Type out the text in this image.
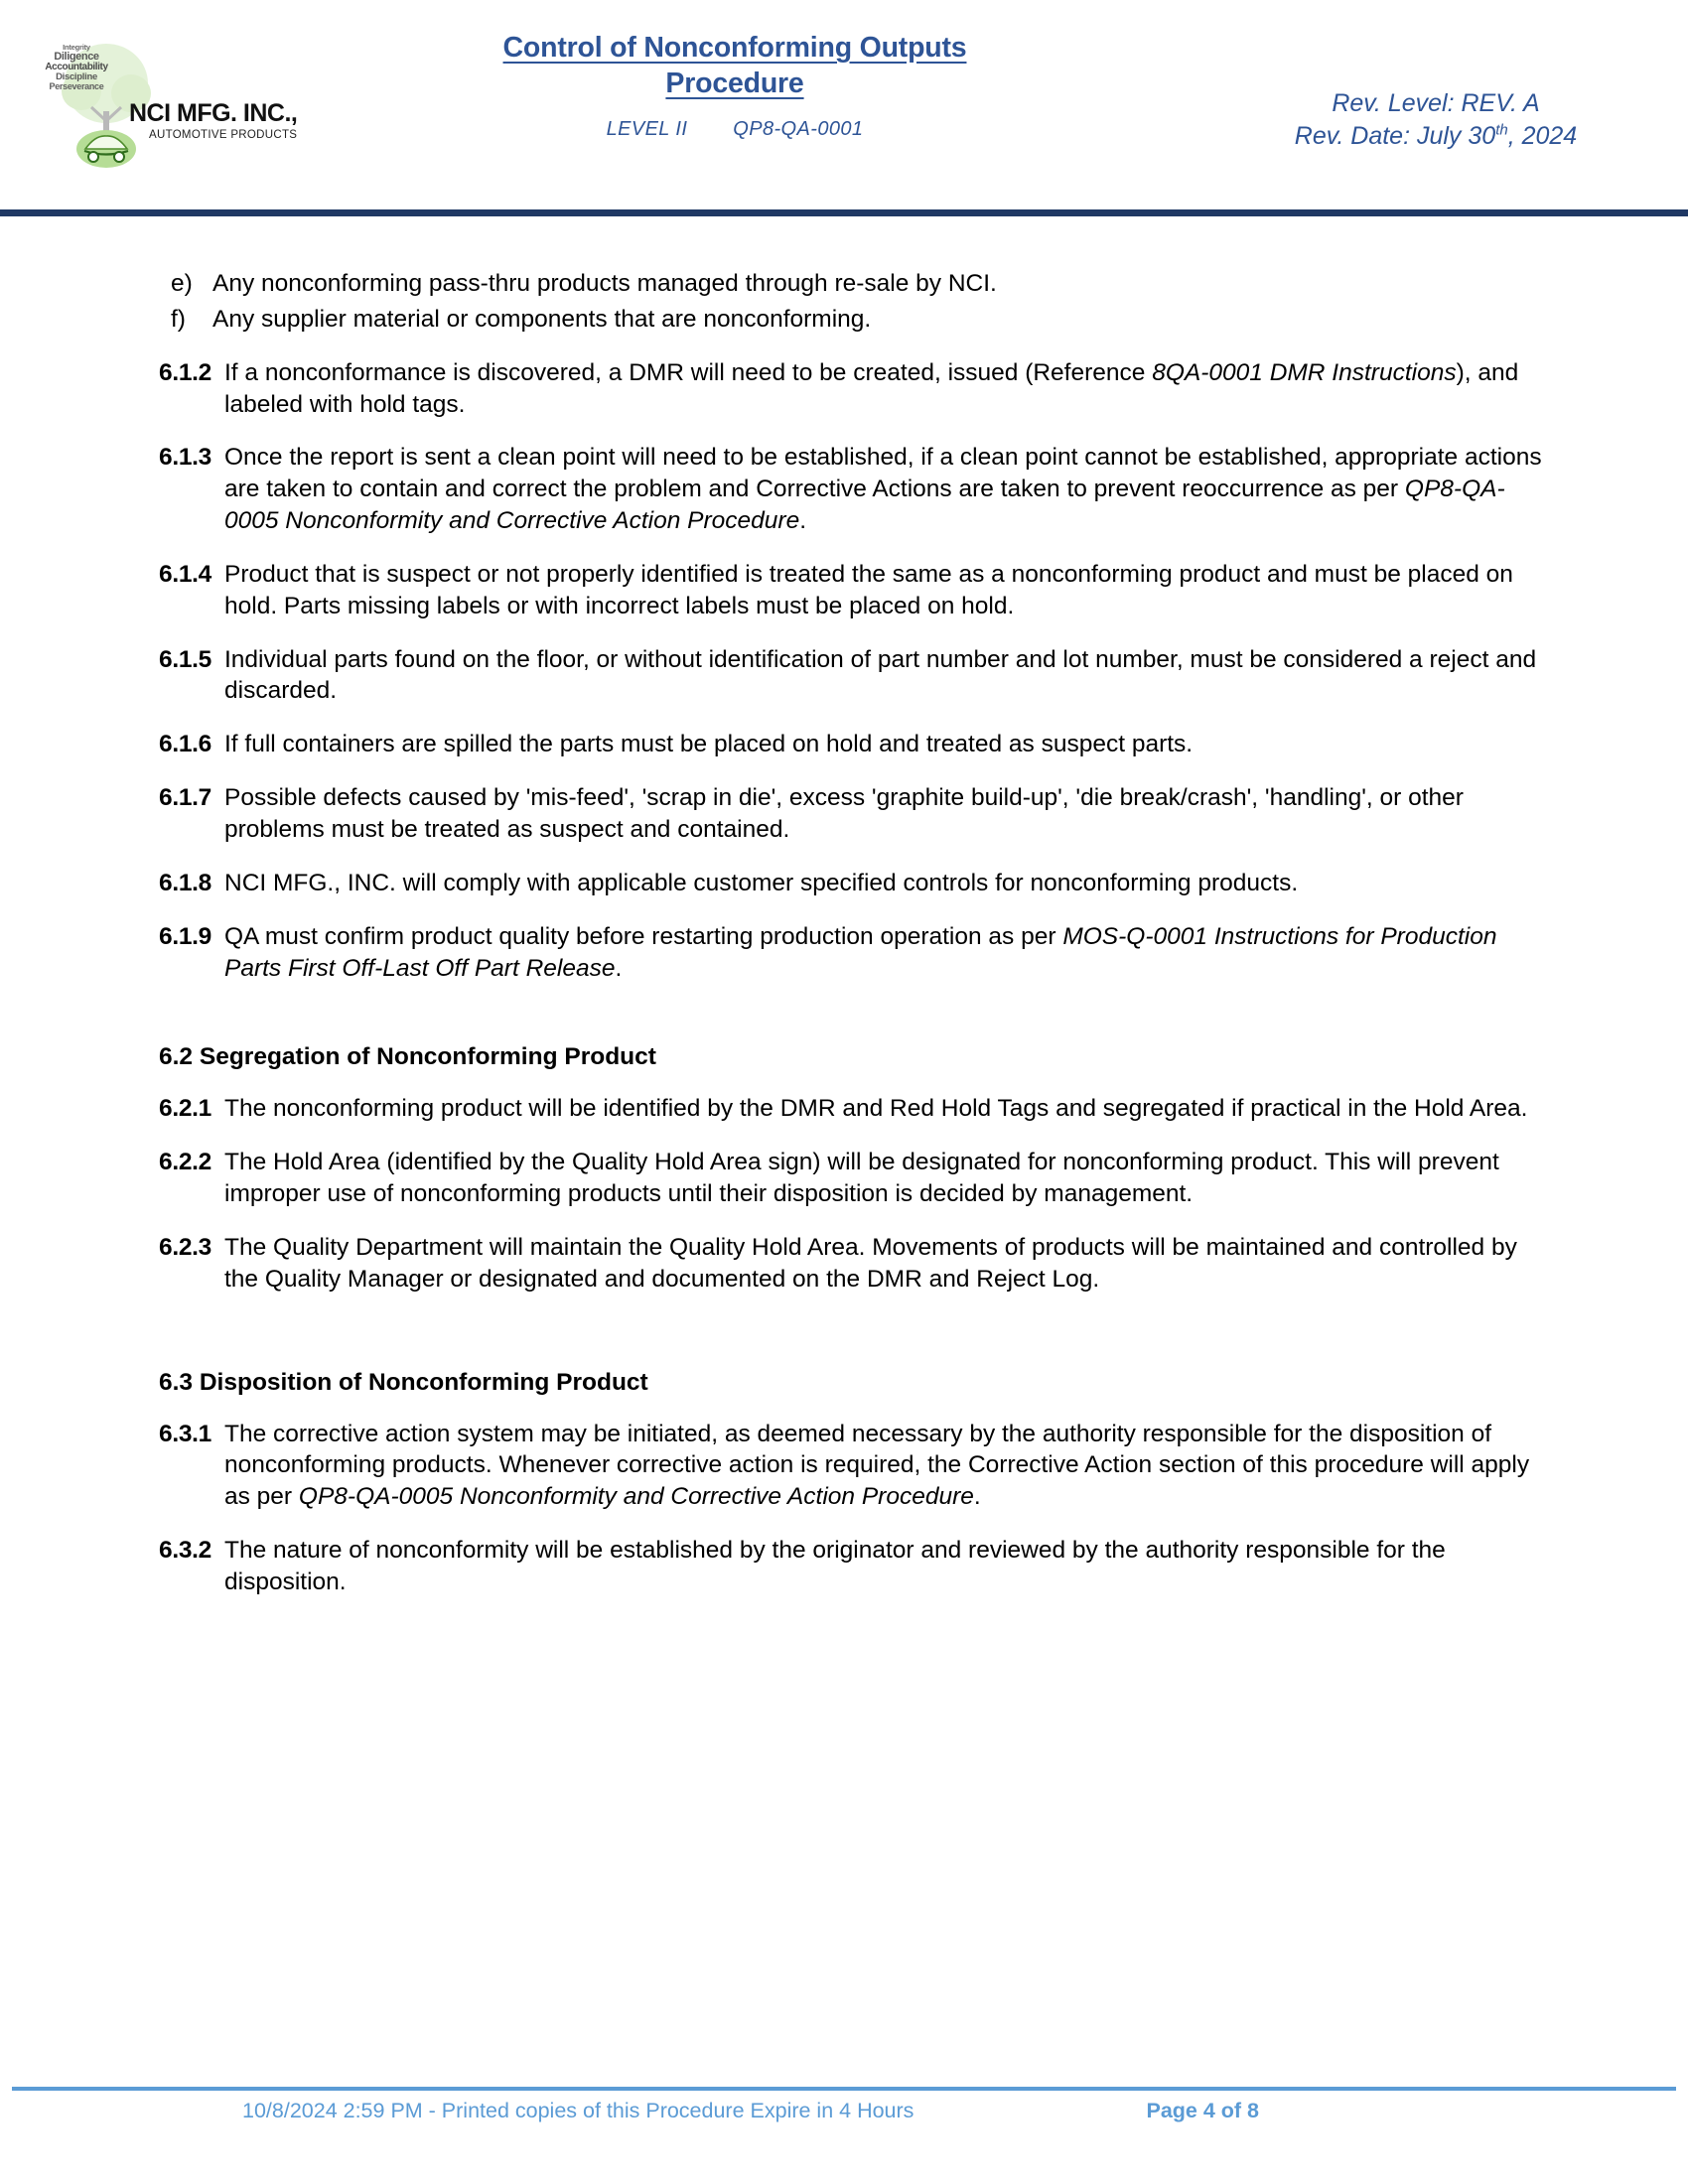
Integrity
Diligence
Accountability
Discipline
Perseverance
NCI MFG. INC.,
AUTOMOTIVE PRODUCTS
Control of Nonconforming Outputs
Procedure
LEVEL II QP8-QA-0001
Rev. Level: REV. A
Rev. Date: July 30th, 2024
e) Any nonconforming pass-thru products managed through re-sale by NCI.
f)	Any supplier material or components that are nonconforming.
6.1.2 If a nonconformance is discovered, a DMR will need to be created, issued (Reference 8QA-0001 DMR Instructions), and labeled with hold tags.
6.1.3 Once the report is sent a clean point will need to be established, if a clean point cannot be established, appropriate actions are taken to contain and correct the problem and Corrective Actions are taken to prevent reoccurrence as per QP8-QA-0005 Nonconformity and Corrective Action Procedure.
6.1.4 Product that is suspect or not properly identified is treated the same as a nonconforming product and must be placed on hold. Parts missing labels or with incorrect labels must be placed on hold.
6.1.5 Individual parts found on the floor, or without identification of part number and lot number, must be considered a reject and discarded.
6.1.6 If full containers are spilled the parts must be placed on hold and treated as suspect parts.
6.1.7 Possible defects caused by 'mis-feed', 'scrap in die', excess 'graphite build-up', 'die break/crash', 'handling', or other problems must be treated as suspect and contained.
6.1.8 NCI MFG., INC. will comply with applicable customer specified controls for nonconforming products.
6.1.9 QA must confirm product quality before restarting production operation as per MOS-Q-0001 Instructions for Production Parts First Off-Last Off Part Release.
6.2 Segregation of Nonconforming Product
6.2.1 The nonconforming product will be identified by the DMR and Red Hold Tags and segregated if practical in the Hold Area.
6.2.2 The Hold Area (identified by the Quality Hold Area sign) will be designated for nonconforming product. This will prevent improper use of nonconforming products until their disposition is decided by management.
6.2.3 The Quality Department will maintain the Quality Hold Area. Movements of products will be maintained and controlled by the Quality Manager or designated and documented on the DMR and Reject Log.
6.3 Disposition of Nonconforming Product
6.3.1 The corrective action system may be initiated, as deemed necessary by the authority responsible for the disposition of nonconforming products. Whenever corrective action is required, the Corrective Action section of this procedure will apply as per QP8-QA-0005 Nonconformity and Corrective Action Procedure.
6.3.2 The nature of nonconformity will be established by the originator and reviewed by the authority responsible for the disposition.
10/8/2024 2:59 PM - Printed copies of this Procedure Expire in 4 Hours	Page 4 of 8
